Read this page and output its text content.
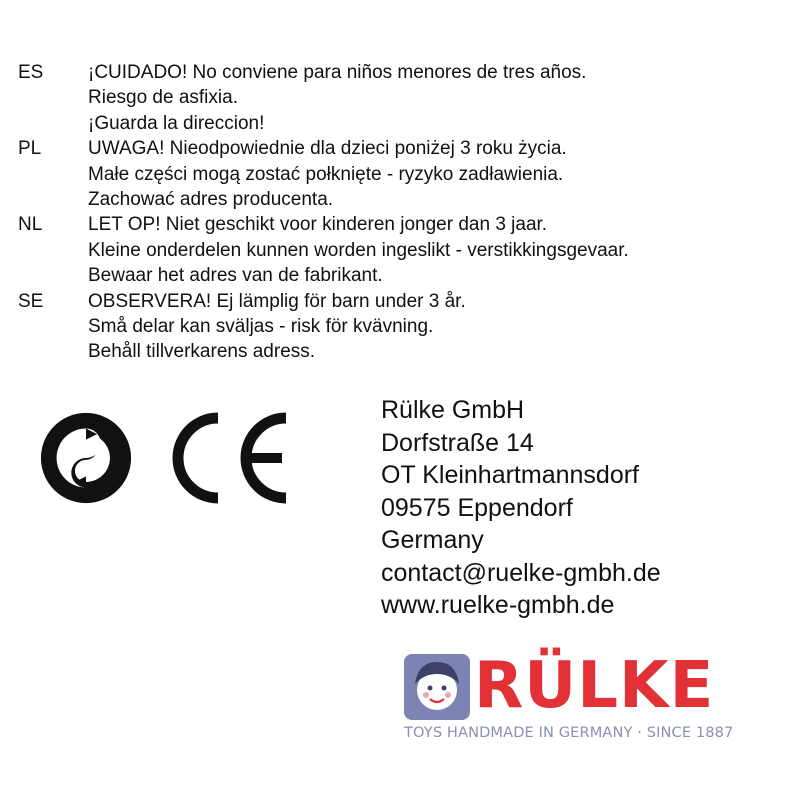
ES	¡CUIDADO! No conviene para niños menores de tres años.
Riesgo de asfixia.
¡Guarda la direccion!
PL	UWAGA! Nieodpowiednie dla dzieci poniżej 3 roku życia.
Małe części mogą zostać połknięte - ryzyko zadławienia.
Zachować adres producenta.
NL	LET OP! Niet geschikt voor kinderen jonger dan 3 jaar.
Kleine onderdelen kunnen worden ingeslikt - verstikkingsgevaar.
Bewaar het adres van de fabrikant.
SE	OBSERVERA! Ej lämplig för barn under 3 år.
Små delar kan sväljas - risk för kvävning.
Behåll tillverkarens adress.
Rülke GmbH
Dorfstraße 14
OT Kleinhartmannsdorf
09575 Eppendorf
Germany
contact@ruelke-gmbh.de
www.ruelke-gmbh.de
RÜLKE
TOYS HANDMADE IN GERMANY · SINCE 1887
